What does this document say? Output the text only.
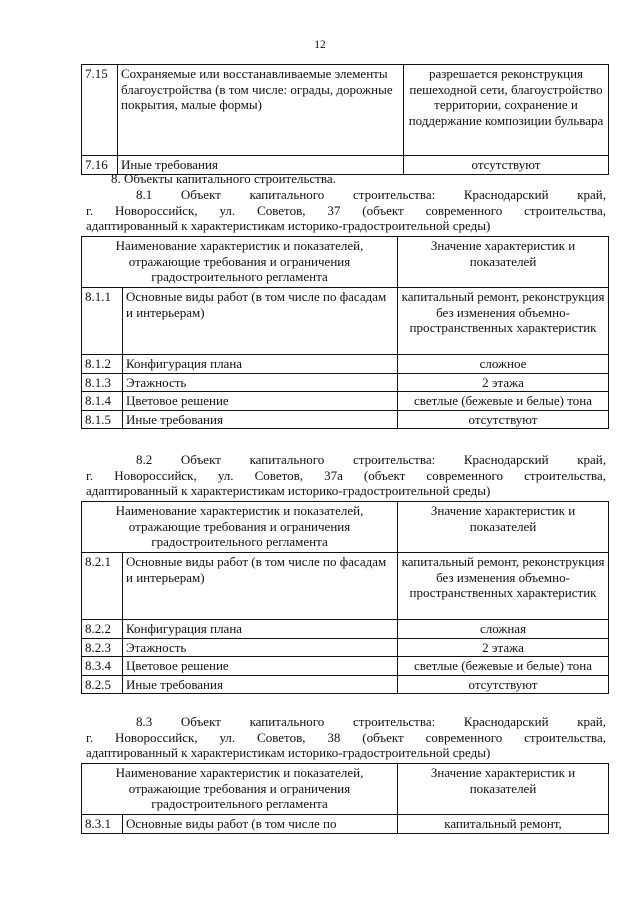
12
7.15	Сохраняемые или восстанавливаемые элементы благоустройства (в том числе: ограды, дорожные покрытия, малые формы)	разрешается реконструкция пешеходной сети, благоустройство территории, сохранение и поддержание композиции бульвара
7.16	Иные требования	отсутствуют
8. Объекты капитального строительства.
8.1 Объект капитального строительства: Краснодарский край,
г. Новороссийск, ул. Советов, 37 (объект современного строительства,
адаптированный к характеристикам историко-градостроительной среды)
Наименование характеристик и показателей, отражающие требования и ограничения градостроительного регламента		Значение характеристик и показателей
8.1.1	Основные виды работ (в том числе по фасадам и интерьерам)	капитальный ремонт, реконструкция без изменения объемно-пространственных характеристик
8.1.2	Конфигурация плана	сложное
8.1.3	Этажность	2 этажа
8.1.4	Цветовое решение	светлые (бежевые и белые) тона
8.1.5	Иные требования	отсутствуют
8.2 Объект капитального строительства: Краснодарский край,
г. Новороссийск, ул. Советов, 37а (объект современного строительства,
адаптированный к характеристикам историко-градостроительной среды)
Наименование характеристик и показателей, отражающие требования и ограничения градостроительного регламента		Значение характеристик и показателей
8.2.1	Основные виды работ (в том числе по фасадам и интерьерам)	капитальный ремонт, реконструкция без изменения объемно-пространственных характеристик
8.2.2	Конфигурация плана	сложная
8.2.3	Этажность	2 этажа
8.3.4	Цветовое решение	светлые (бежевые и белые) тона
8.2.5	Иные требования	отсутствуют
8.3 Объект капитального строительства: Краснодарский край,
г. Новороссийск, ул. Советов, 38 (объект современного строительства,
адаптированный к характеристикам историко-градостроительной среды)
Наименование характеристик и показателей, отражающие требования и ограничения градостроительного регламента		Значение характеристик и показателей
8.3.1	Основные виды работ (в том числе по	капитальный ремонт,
